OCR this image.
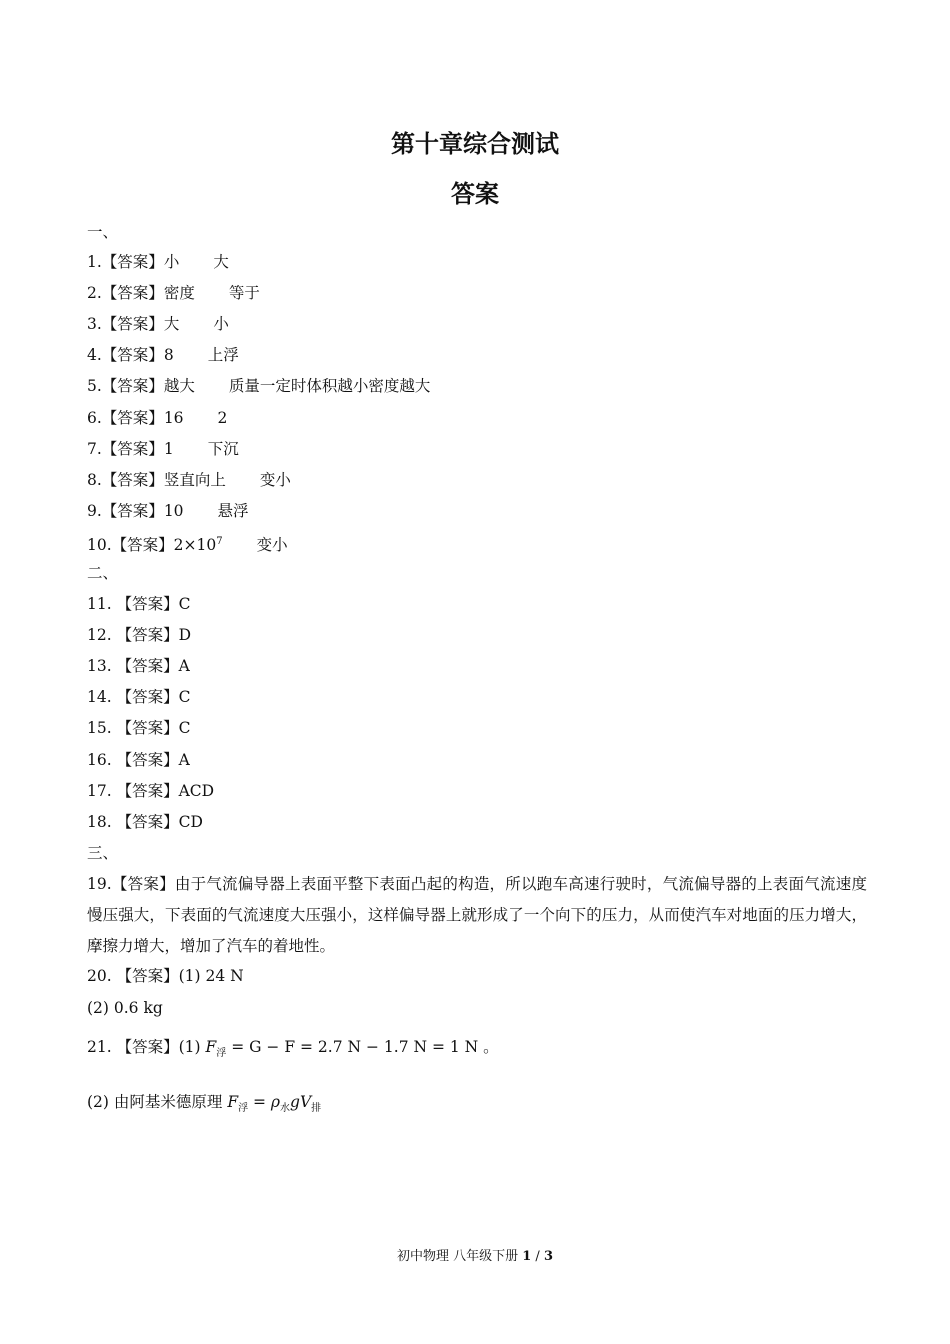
第十章综合测试
答案
一、
1.【答案】小 大
2.【答案】密度 等于
3.【答案】大 小
4.【答案】8 上浮
5.【答案】越大 质量一定时体积越小密度越大
6.【答案】16 2
7.【答案】1 下沉
8.【答案】竖直向上 变小
9.【答案】10 悬浮
10.【答案】$2\times 10^7$ 变小
二、
11. 【答案】C
12. 【答案】D
13. 【答案】A
14. 【答案】C
15. 【答案】C
16. 【答案】A
17. 【答案】ACD
18. 【答案】CD
三、
19.【答案】由于气流偏导器上表面平整下表面凸起的构造，所以跑车高速行驶时，气流偏导器的上表面气流速度慢压强大，下表面的气流速度大压强小，这样偏导器上就形成了一个向下的压力，从而使汽车对地面的压力增大，摩擦力增大，增加了汽车的着地性。
20. 【答案】(1) 24 N
(2) 0.6 kg
21. 【答案】(1) $F_浮 = G - F = 2.7$ N − 1.7 N = 1 N 。
(2) 由阿基米德原理 $F_浮 = \rho_水gV_排$
初中物理 八年级下册 1 / 3
